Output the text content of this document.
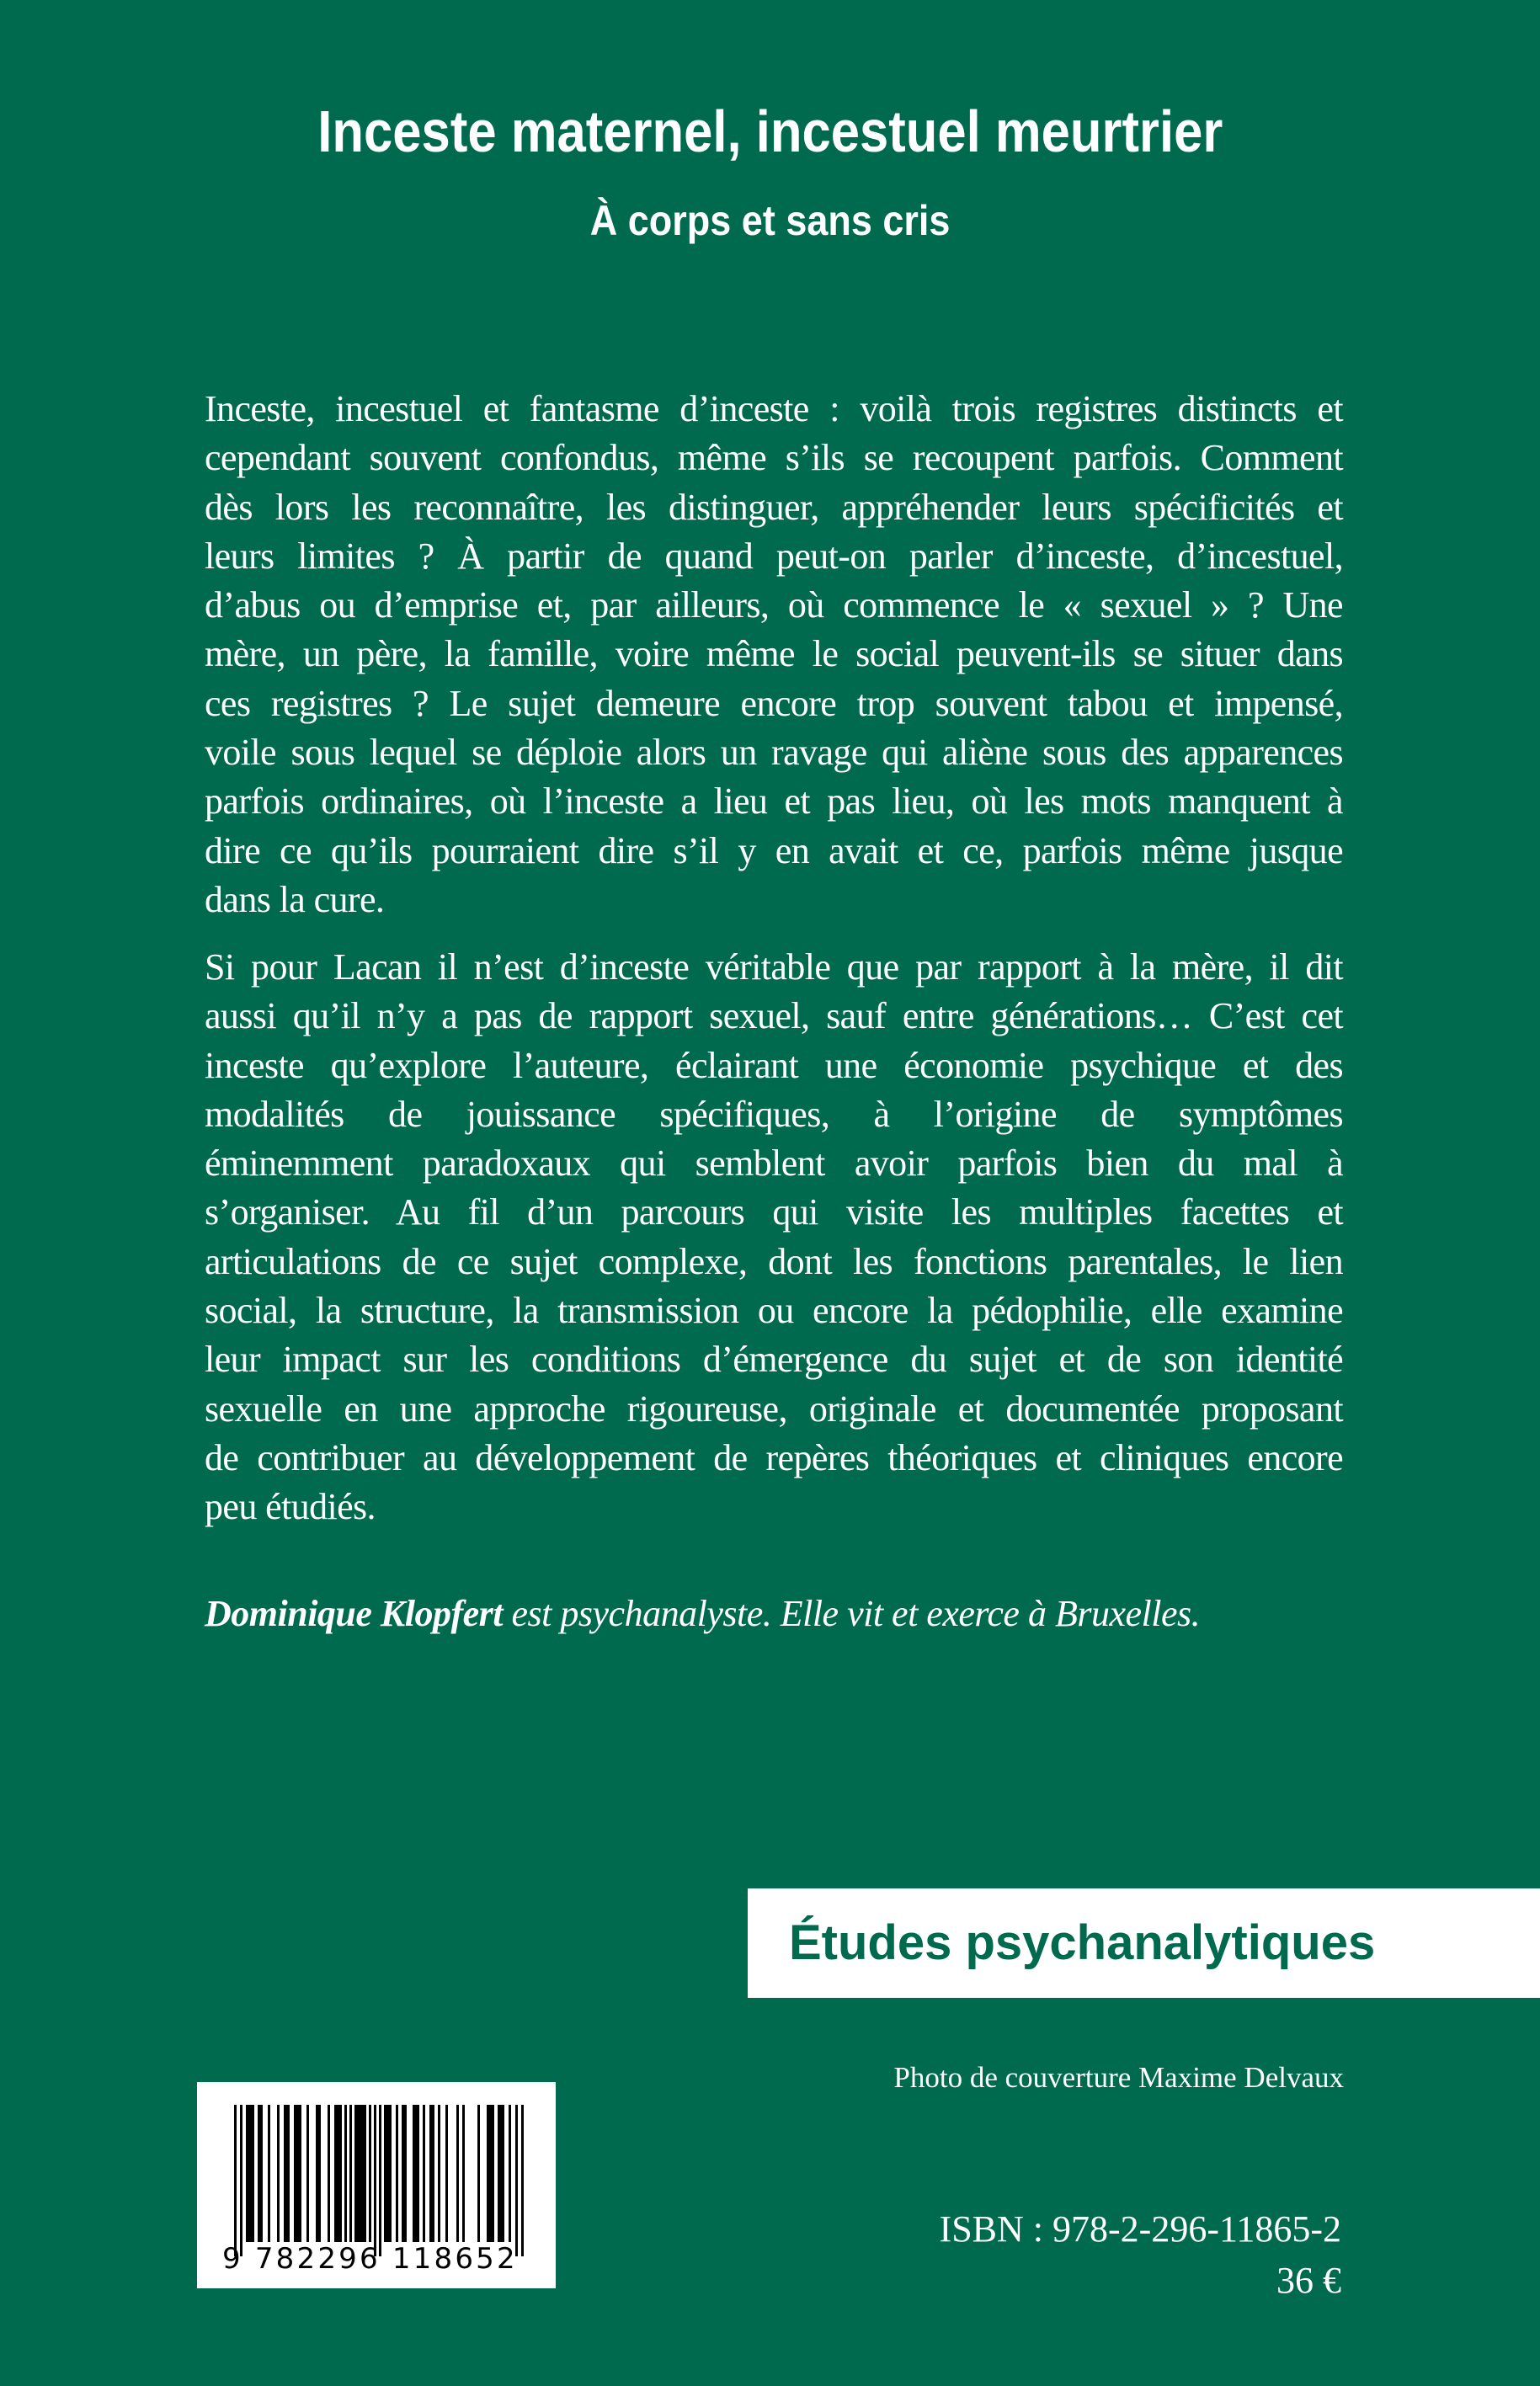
Inceste maternel, incestuel meurtrier
À corps et sans cris
Inceste, incestuel et fantasme d’inceste : voilà trois registres distincts et
cependant souvent confondus, même s’ils se recoupent parfois. Comment
dès lors les reconnaître, les distinguer, appréhender leurs spécificités et
leurs limites ? À partir de quand peut-on parler d’inceste, d’incestuel,
d’abus ou d’emprise et, par ailleurs, où commence le « sexuel » ? Une
mère, un père, la famille, voire même le social peuvent-ils se situer dans
ces registres ? Le sujet demeure encore trop souvent tabou et impensé,
voile sous lequel se déploie alors un ravage qui aliène sous des apparences
parfois ordinaires, où l’inceste a lieu et pas lieu, où les mots manquent à
dire ce qu’ils pourraient dire s’il y en avait et ce, parfois même jusque
dans la cure.
Si pour Lacan il n’est d’inceste véritable que par rapport à la mère, il dit
aussi qu’il n’y a pas de rapport sexuel, sauf entre générations… C’est cet
inceste qu’explore l’auteure, éclairant une économie psychique et des
modalités de jouissance spécifiques, à l’origine de symptômes
éminemment paradoxaux qui semblent avoir parfois bien du mal à
s’organiser. Au fil d’un parcours qui visite les multiples facettes et
articulations de ce sujet complexe, dont les fonctions parentales, le lien
social, la structure, la transmission ou encore la pédophilie, elle examine
leur impact sur les conditions d’émergence du sujet et de son identité
sexuelle en une approche rigoureuse, originale et documentée proposant
de contribuer au développement de repères théoriques et cliniques encore
peu étudiés.
Dominique Klopfert est psychanalyste. Elle vit et exerce à Bruxelles.
Études psychanalytiques
Photo de couverture Maxime Delvaux
9 782296 118652
ISBN : 978-2-296-11865-2
36 €
